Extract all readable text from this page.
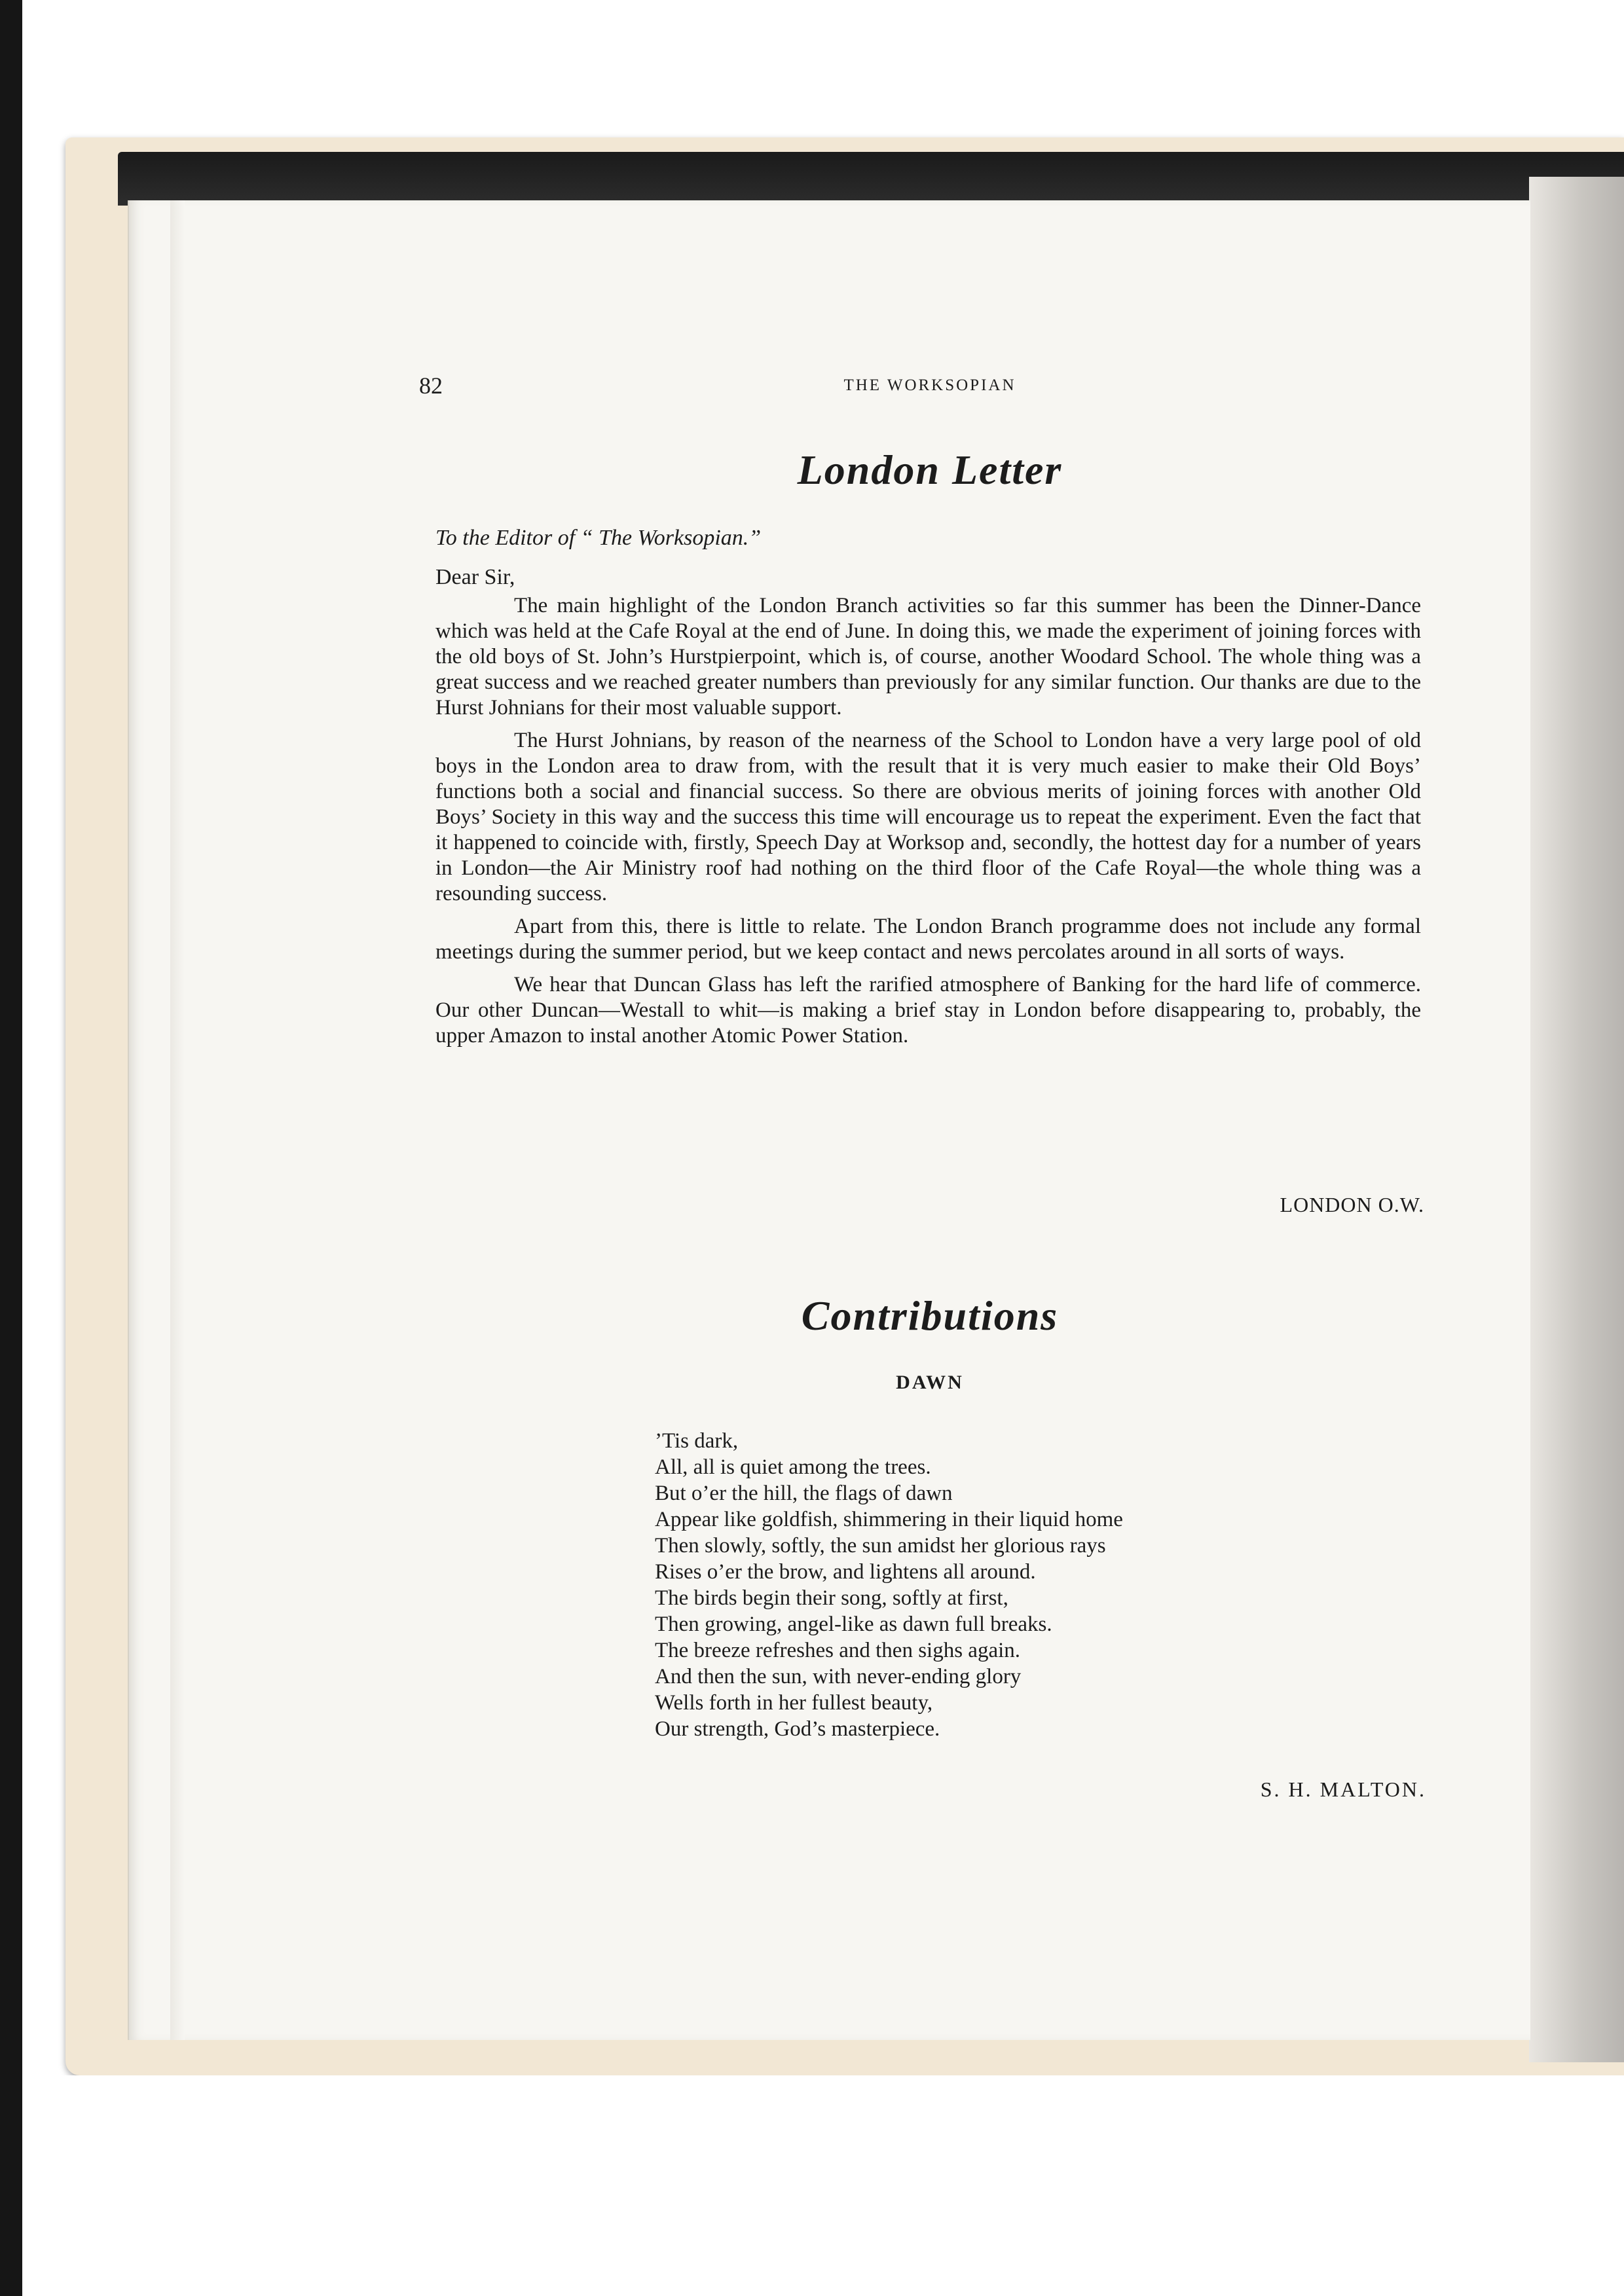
82	THE WORKSOPIAN
London Letter
To the Editor of “ The Worksopian.”
Dear Sir,

The main highlight of the London Branch activities so far this summer has been the Dinner-Dance which was held at the Cafe Royal at the end of June. In doing this, we made the experiment of joining forces with the old boys of St. John’s Hurstpierpoint, which is, of course, another Woodard School. The whole thing was a great success and we reached greater numbers than previously for any similar function. Our thanks are due to the Hurst Johnians for their most valuable support.

The Hurst Johnians, by reason of the nearness of the School to London have a very large pool of old boys in the London area to draw from, with the result that it is very much easier to make their Old Boys’ functions both a social and financial success. So there are obvious merits of joining forces with another Old Boys’ Society in this way and the success this time will encourage us to repeat the experiment. Even the fact that it happened to coincide with, firstly, Speech Day at Worksop and, secondly, the hottest day for a number of years in London—the Air Ministry roof had nothing on the third floor of the Cafe Royal—the whole thing was a resounding success.

Apart from this, there is little to relate. The London Branch programme does not include any formal meetings during the summer period, but we keep contact and news percolates around in all sorts of ways.

We hear that Duncan Glass has left the rarified atmosphere of Banking for the hard life of commerce. Our other Duncan—Westall to whit—is making a brief stay in London before disappearing to, probably, the upper Amazon to instal another Atomic Power Station.

LONDON O.W.
Contributions
DAWN
’Tis dark,
All, all is quiet among the trees.
But o’er the hill, the flags of dawn
Appear like goldfish, shimmering in their liquid home
Then slowly, softly, the sun amidst her glorious rays
Rises o’er the brow, and lightens all around.
The birds begin their song, softly at first,
Then growing, angel-like as dawn full breaks.
The breeze refreshes and then sighs again.
And then the sun, with never-ending glory
Wells forth in her fullest beauty,
Our strength, God’s masterpiece.
S. H. MALTON.
